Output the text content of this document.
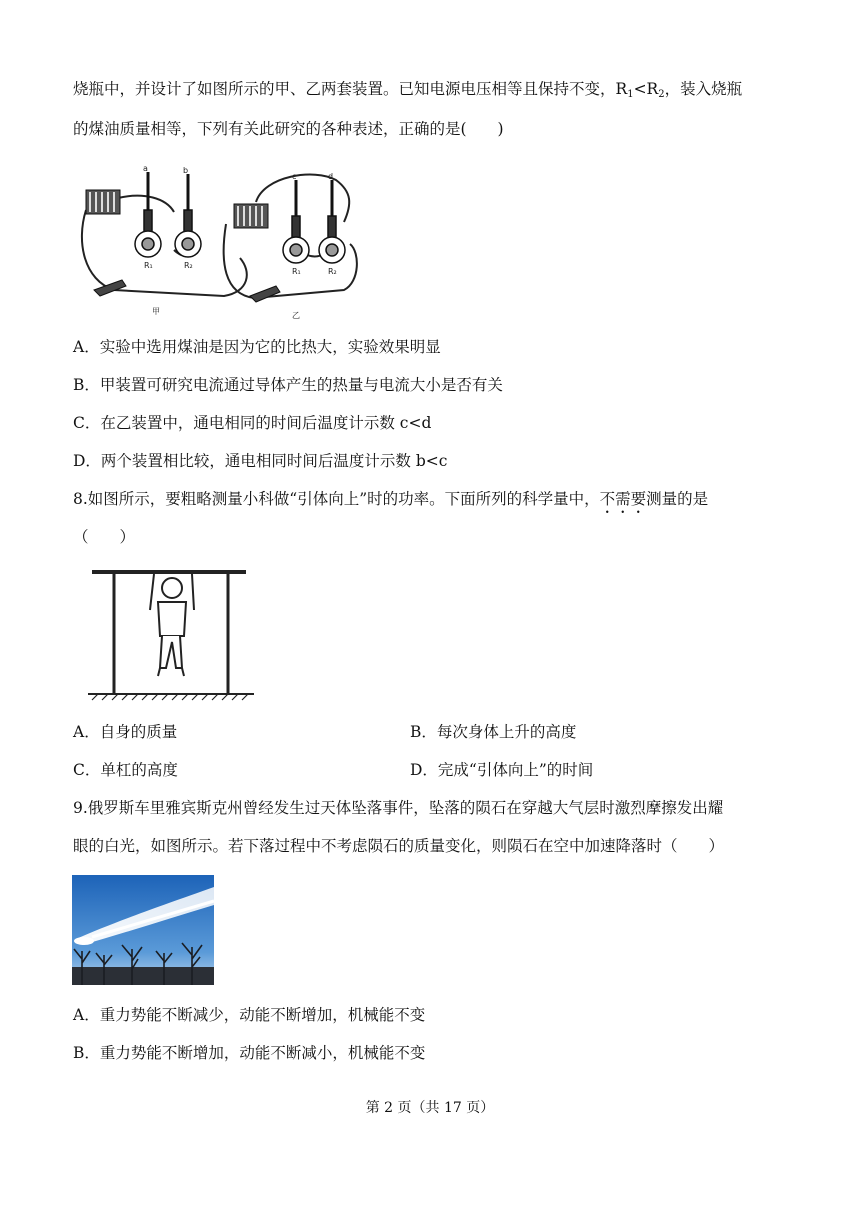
烧瓶中，并设计了如图所示的甲、乙两套装置。已知电源电压相等且保持不变，$R_1<R_2$，装入烧瓶
的煤油质量相等，下列有关此研究的各种表述，正确的是(　　)
a	b
c	d
R₁	R₂
R₁	R₂
甲	乙
A．实验中选用煤油是因为它的比热大，实验效果明显
B．甲装置可研究电流通过导体产生的热量与电流大小是否有关
C．在乙装置中，通电相同的时间后温度计示数 c<d
D．两个装置相比较，通电相同时间后温度计示数 b<c
8.如图所示，要粗略测量小科做“引体向上”时的功率。下面所列的科学量中，不需要测量的是
（　　）
A．自身的质量	B．每次身体上升的高度
C．单杠的高度	D．完成“引体向上”的时间
9.俄罗斯车里雅宾斯克州曾经发生过天体坠落事件，坠落的陨石在穿越大气层时激烈摩擦发出耀
眼的白光，如图所示。若下落过程中不考虑陨石的质量变化，则陨石在空中加速降落时（　　）
A．重力势能不断减少，动能不断增加，机械能不变
B．重力势能不断增加，动能不断减小，机械能不变
第 2 页（共 17 页）
